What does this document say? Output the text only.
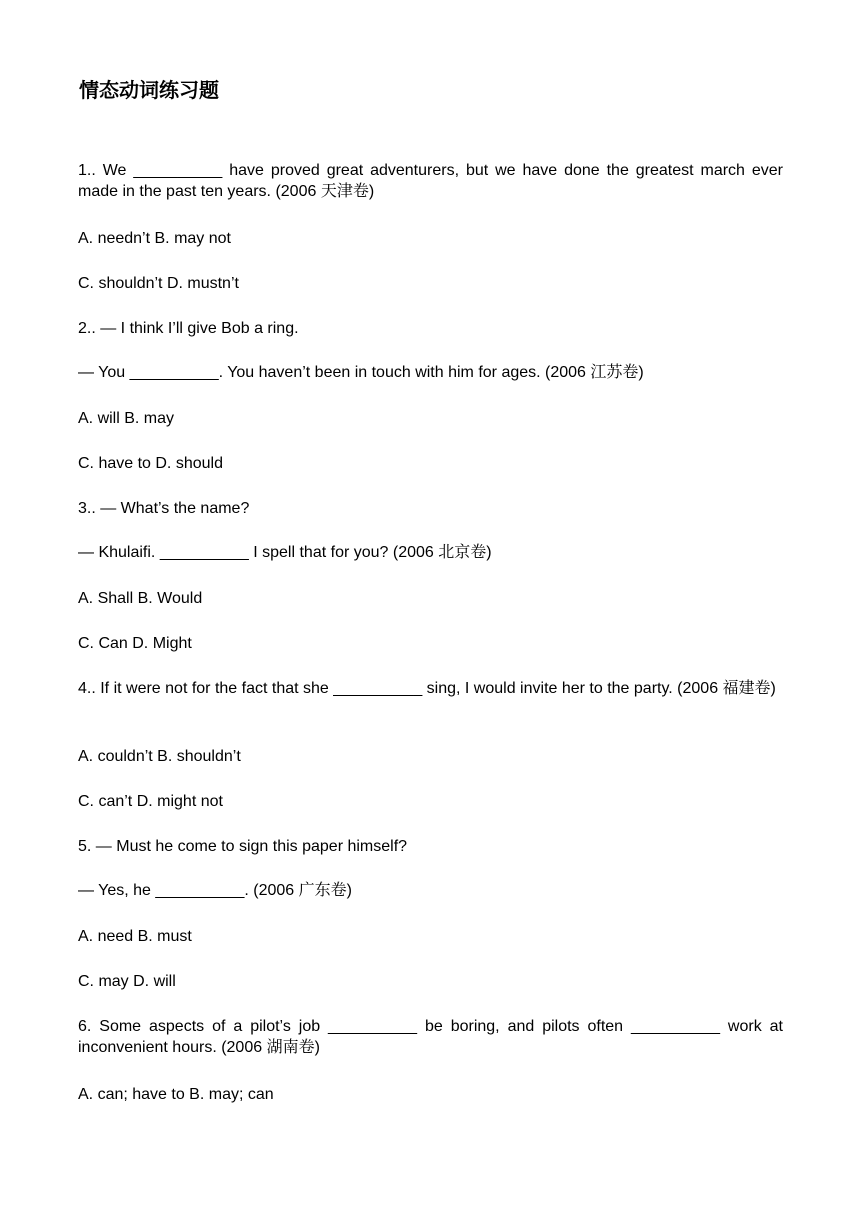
情态动词练习题

1.. We __________ have proved great adventurers, but we have done the greatest march ever made in the past ten years. (2006 天津卷)

A. needn’t B. may not

C. shouldn’t D. mustn’t

2.. — I think I’ll give Bob a ring.

— You __________. You haven’t been in touch with him for ages. (2006 江苏卷)

A. will B. may

C. have to D. should

3.. — What’s the name?

— Khulaifi. __________ I spell that for you? (2006 北京卷)

A. Shall B. Would

C. Can D. Might

4.. If it were not for the fact that she __________ sing, I would invite her to the party. (2006 福建卷)

A. couldn’t B. shouldn’t

C. can’t D. might not

5. — Must he come to sign this paper himself?

— Yes, he __________. (2006 广东卷)

A. need B. must

C. may D. will

6. Some aspects of a pilot’s job __________ be boring, and pilots often __________ work at inconvenient hours. (2006 湖南卷)

A. can; have to B. may; can
